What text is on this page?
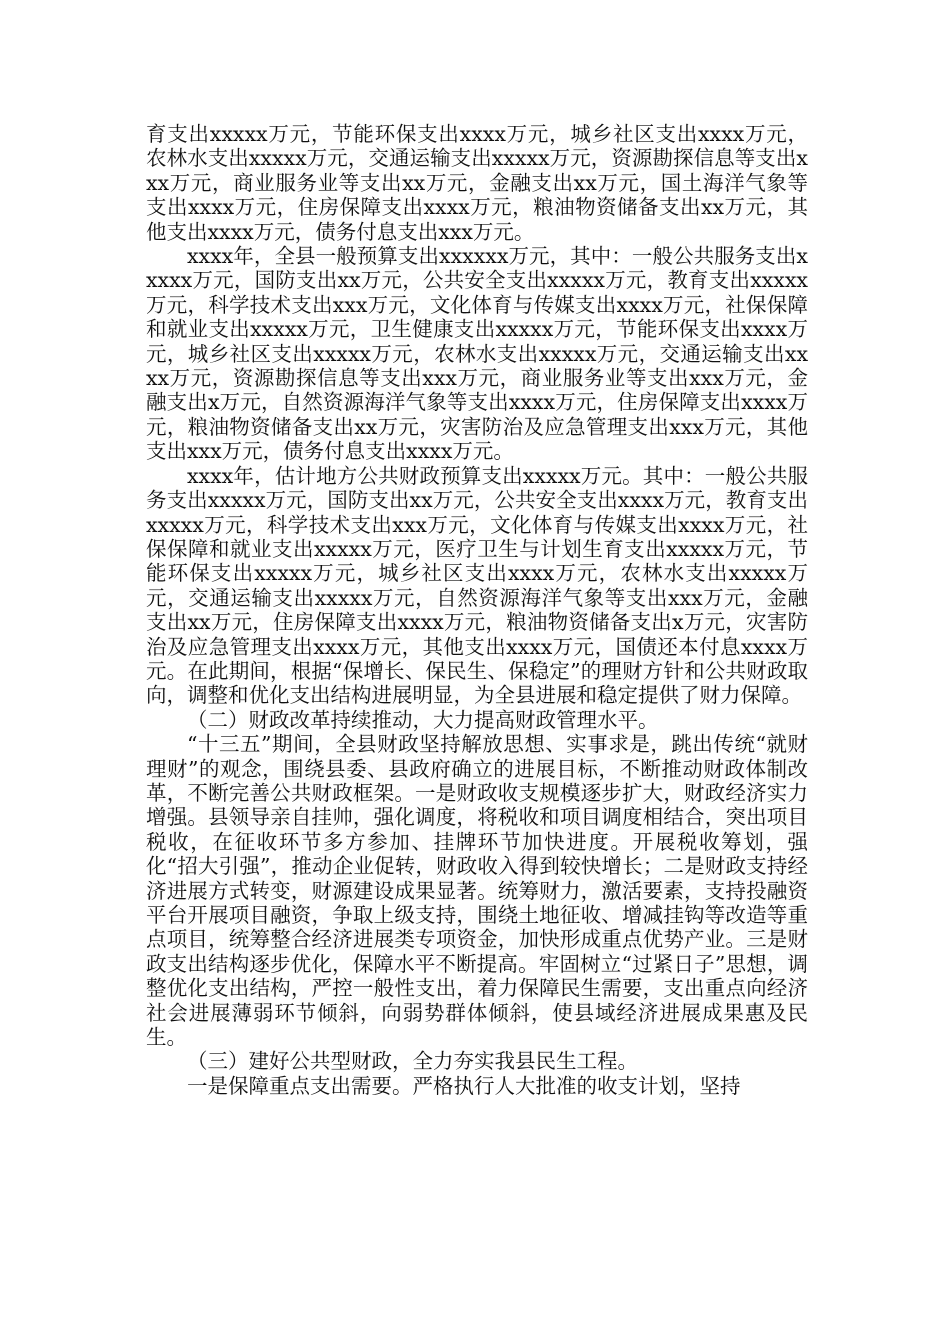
育支出xxxxx万元，节能环保支出xxxx万元，城乡社区支出xxxx万元，农林水支出xxxxx万元，交通运输支出xxxxx万元，资源勘探信息等支出xxx万元，商业服务业等支出xx万元，金融支出xx万元，国土海洋气象等支出xxxx万元，住房保障支出xxxx万元，粮油物资储备支出xx万元，其他支出xxxx万元，债务付息支出xxx万元。

xxxx年，全县一般预算支出xxxxxx万元，其中：一般公共服务支出xxxxx万元，国防支出xx万元，公共安全支出xxxxx万元，教育支出xxxxx万元，科学技术支出xxx万元，文化体育与传媒支出xxxx万元，社保保障和就业支出xxxxx万元，卫生健康支出xxxxx万元，节能环保支出xxxx万元，城乡社区支出xxxxx万元，农林水支出xxxxx万元，交通运输支出xxxx万元，资源勘探信息等支出xxx万元，商业服务业等支出xxx万元，金融支出x万元，自然资源海洋气象等支出xxxx万元，住房保障支出xxxx万元，粮油物资储备支出xx万元，灾害防治及应急管理支出xxx万元，其他支出xxx万元，债务付息支出xxxx万元。

xxxx年，估计地方公共财政预算支出xxxxx万元。其中：一般公共服务支出xxxxx万元，国防支出xx万元，公共安全支出xxxx万元，教育支出xxxxx万元，科学技术支出xxx万元，文化体育与传媒支出xxxx万元，社保保障和就业支出xxxxx万元，医疗卫生与计划生育支出xxxxx万元，节能环保支出xxxxx万元，城乡社区支出xxxx万元，农林水支出xxxxx万元，交通运输支出xxxxx万元，自然资源海洋气象等支出xxx万元，金融支出xx万元，住房保障支出xxxx万元，粮油物资储备支出x万元，灾害防治及应急管理支出xxxx万元，其他支出xxxx万元，国债还本付息xxxx万元。在此期间，根据“保增长、保民生、保稳定”的理财方针和公共财政取向，调整和优化支出结构进展明显，为全县进展和稳定提供了财力保障。

（二）财政改革持续推动，大力提高财政管理水平。

“十三五”期间，全县财政坚持解放思想、实事求是，跳出传统“就财理财”的观念，围绕县委、县政府确立的进展目标，不断推动财政体制改革，不断完善公共财政框架。一是财政收支规模逐步扩大，财政经济实力增强。县领导亲自挂帅，强化调度，将税收和项目调度相结合，突出项目税收，在征收环节多方参加、挂牌环节加快进度。开展税收筹划，强化“招大引强”，推动企业促转，财政收入得到较快增长；二是财政支持经济进展方式转变，财源建设成果显著。统筹财力，激活要素，支持投融资平台开展项目融资，争取上级支持，围绕土地征收、增减挂钩等改造等重点项目，统筹整合经济进展类专项资金，加快形成重点优势产业。三是财政支出结构逐步优化，保障水平不断提高。牢固树立“过紧日子”思想，调整优化支出结构，严控一般性支出，着力保障民生需要，支出重点向经济社会进展薄弱环节倾斜，向弱势群体倾斜，使县域经济进展成果惠及民生。

（三）建好公共型财政，全力夯实我县民生工程。

一是保障重点支出需要。严格执行人大批准的收支计划，坚持
